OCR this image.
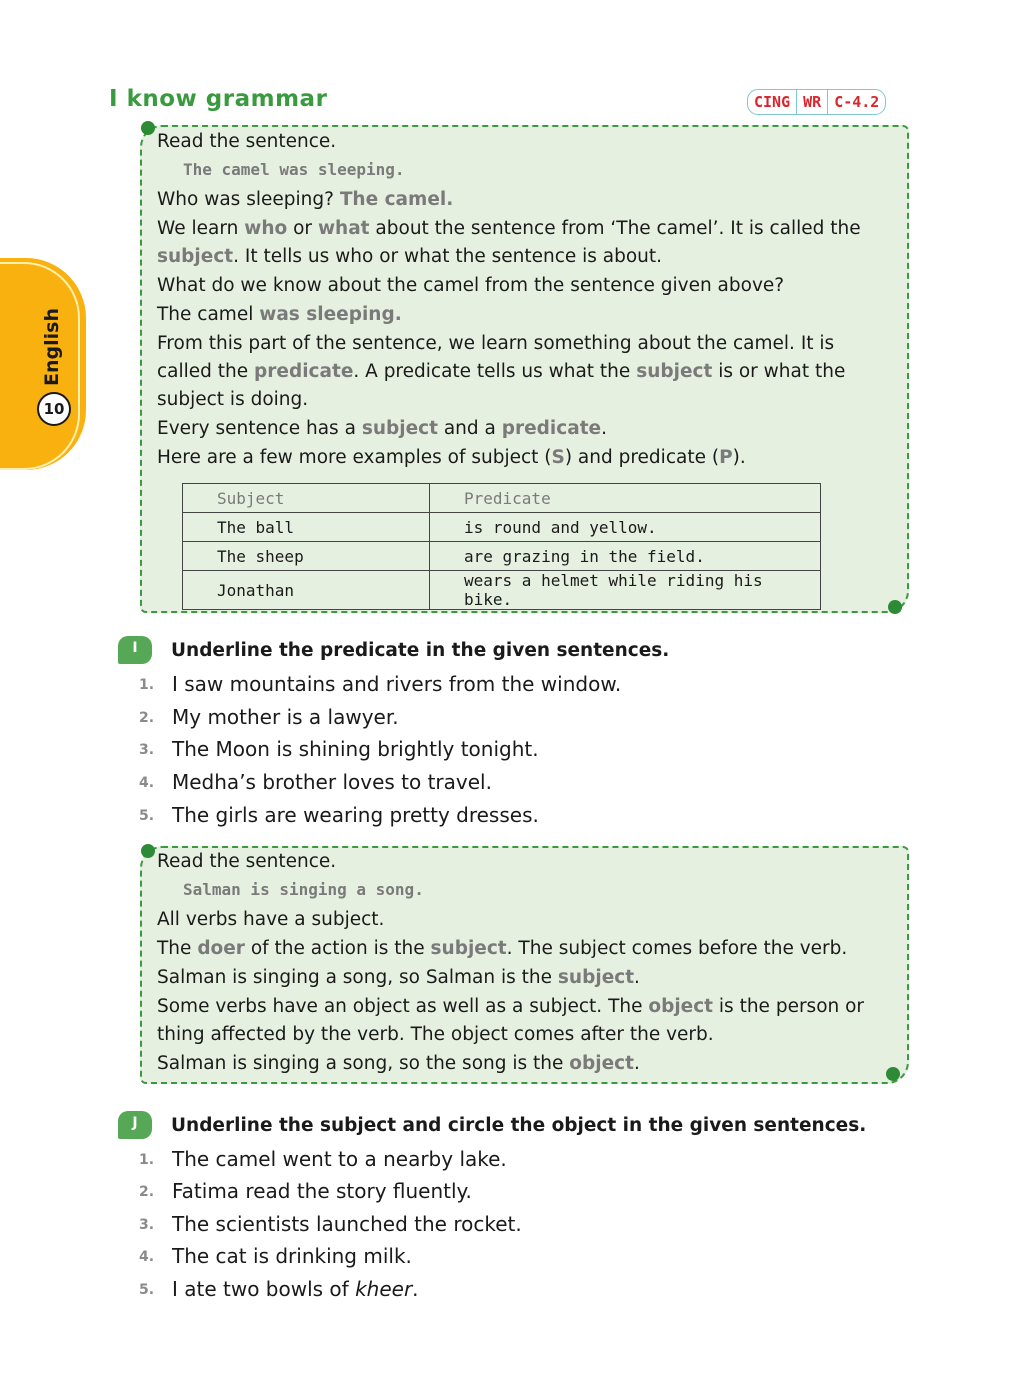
I know grammar	CING WR C-4.2
English
10
Read the sentence.
The camel was sleeping.
Who was sleeping? The camel.
We learn who or what about the sentence from ‘The camel’. It is called the
subject. It tells us who or what the sentence is about.
What do we know about the camel from the sentence given above?
The camel was sleeping.
From this part of the sentence, we learn something about the camel. It is
called the predicate. A predicate tells us what the subject is or what the
subject is doing.
Every sentence has a subject and a predicate.
Here are a few more examples of subject (S) and predicate (P).
Subject	Predicate
The ball	is round and yellow.
The sheep	are grazing in the field.
Jonathan	wears a helmet while riding his bike.
I	Underline the predicate in the given sentences.
1. I saw mountains and rivers from the window.
2. My mother is a lawyer.
3. The Moon is shining brightly tonight.
4. Medha’s brother loves to travel.
5. The girls are wearing pretty dresses.
Read the sentence.
Salman is singing a song.
All verbs have a subject.
The doer of the action is the subject. The subject comes before the verb.
Salman is singing a song, so Salman is the subject.
Some verbs have an object as well as a subject. The object is the person or
thing affected by the verb. The object comes after the verb.
Salman is singing a song, so the song is the object.
J	Underline the subject and circle the object in the given sentences.
1. The camel went to a nearby lake.
2. Fatima read the story fluently.
3. The scientists launched the rocket.
4. The cat is drinking milk.
5. I ate two bowls of kheer.
